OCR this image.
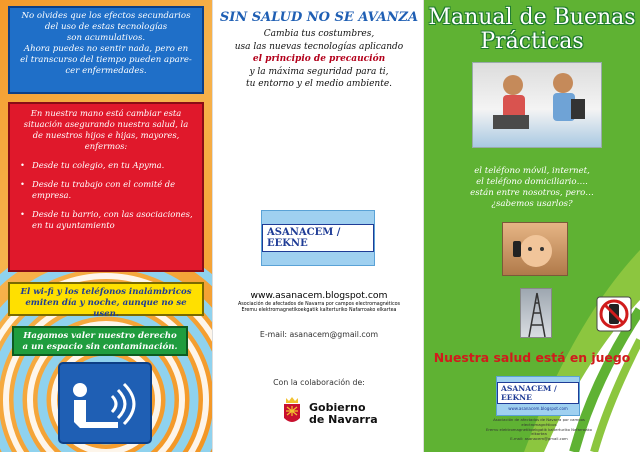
No olvides que los efectos secundarios

del uso de estas tecnologías

son acumulativos.

Ahora puedes no sentir nada, pero en

el transcurso del tiempo pueden apare-

cer enfermedades.

En nuestra mano está cambiar esta situación asegurando nuestra salud, la de nuestros hijos e hijas, mayores, enfermos:

• Desde tu colegio, en tu Apyma.
• Desde tu trabajo con el comité de empresa.
• Desde tu barrio, con las asociaciones, en tu ayuntamiento
El wi-fi y los teléfonos inalámbricos emiten día y noche, aunque no se usen.
Hagamos valer nuestro derecho a un espacio sin contaminación.
SIN SALUD NO SE AVANZA
Cambia tus costumbres,
usa las nuevas tecnologías aplicando
el principio de precaución
y la máxima seguridad para ti,
tu entorno y el medio ambiente.
ASANACEM / EEKNE
www.asanacem.blogspot.com
Asociación de afectados de Navarra por campos electromagnéticos
Eremu elektromagnetikoekgatik kalterturiko Nafarroako elkartea
E-mail: asanacem@gmail.com
Con la colaboración de:
Gobierno
de Navarra
Manual de Buenas
Prácticas
el teléfono móvil, internet,
el teléfono domiciliario….
están entre nosotros, pero…
¿sabemos usarlos?
Nuestra salud está en juego
ASANACEM / EEKNE
www.asanacem.blogspot.com
Asociación de afectados de Navarra por campos electromagnéticos
Eremu elektromagnetikoekgatik kalterturiko Nafarroako elkartea
E-mail: asanacem@gmail.com
